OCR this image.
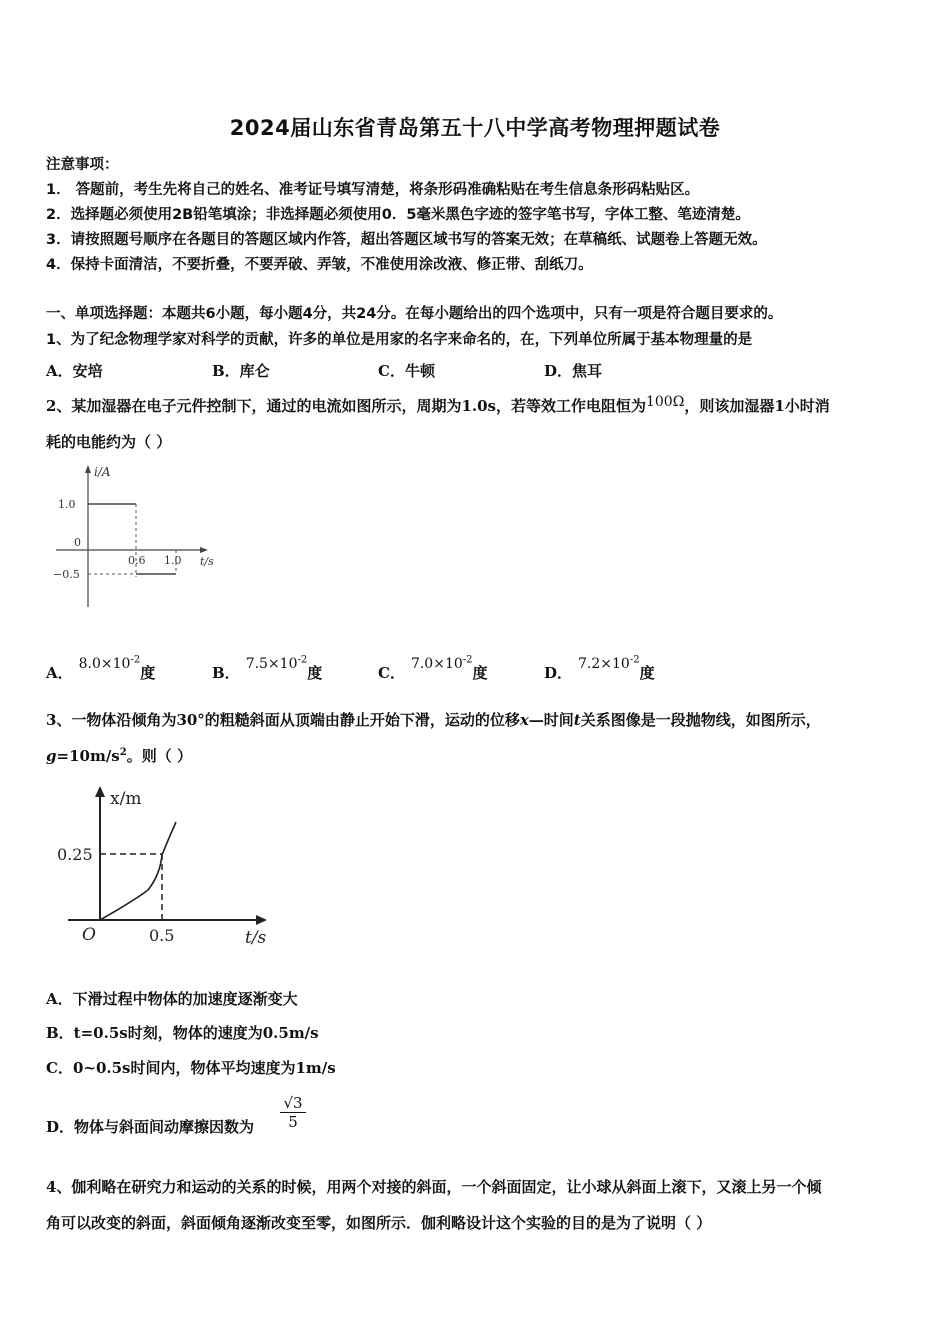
2024届山东省青岛第五十八中学高考物理押题试卷
注意事项：
1． 答题前，考生先将自己的姓名、准考证号填写清楚，将条形码准确粘贴在考生信息条形码粘贴区。
2．选择题必须使用2B铅笔填涂；非选择题必须使用0．5毫米黑色字迹的签字笔书写，字体工整、笔迹清楚。
3．请按照题号顺序在各题目的答题区域内作答，超出答题区域书写的答案无效；在草稿纸、试题卷上答题无效。
4．保持卡面清洁，不要折叠，不要弄破、弄皱，不准使用涂改液、修正带、刮纸刀。
一、单项选择题：本题共6小题，每小题4分，共24分。在每小题给出的四个选项中，只有一项是符合题目要求的。
1、为了纪念物理学家对科学的贡献，许多的单位是用家的名字来命名的，在，下列单位所属于基本物理量的是
A．安培	B．库仑	C．牛顿	D．焦耳
2、某加湿器在电子元件控制下，通过的电流如图所示，周期为1.0s，若等效工作电阻恒为100Ω，则该加湿器1小时消
耗的电能约为（ ）
i/A
1.0
0
−0.5
0.6 1.0 t/s
A． $8.0\times 10^{-2}$度	B． $7.5\times 10^{-2}$度	C． $7.0\times 10^{-2}$度	D． $7.2\times 10^{-2}$度
3、一物体沿倾角为30°的粗糙斜面从顶端由静止开始下滑，运动的位移x—时间t关系图像是一段抛物线，如图所示，
$g=10m/s^2$。则（ ）
x/m
0.25
O	0.5	t/s
A．下滑过程中物体的加速度逐渐变大
B．t=0.5s时刻，物体的速度为0.5m/s
C．0~0.5s时间内，物体平均速度为1m/s
D．物体与斜面间动摩擦因数为 $\frac{√3}{5}$
4、伽利略在研究力和运动的关系的时候，用两个对接的斜面，一个斜面固定，让小球从斜面上滚下，又滚上另一个倾
角可以改变的斜面，斜面倾角逐渐改变至零，如图所示．伽利略设计这个实验的目的是为了说明（ ）
